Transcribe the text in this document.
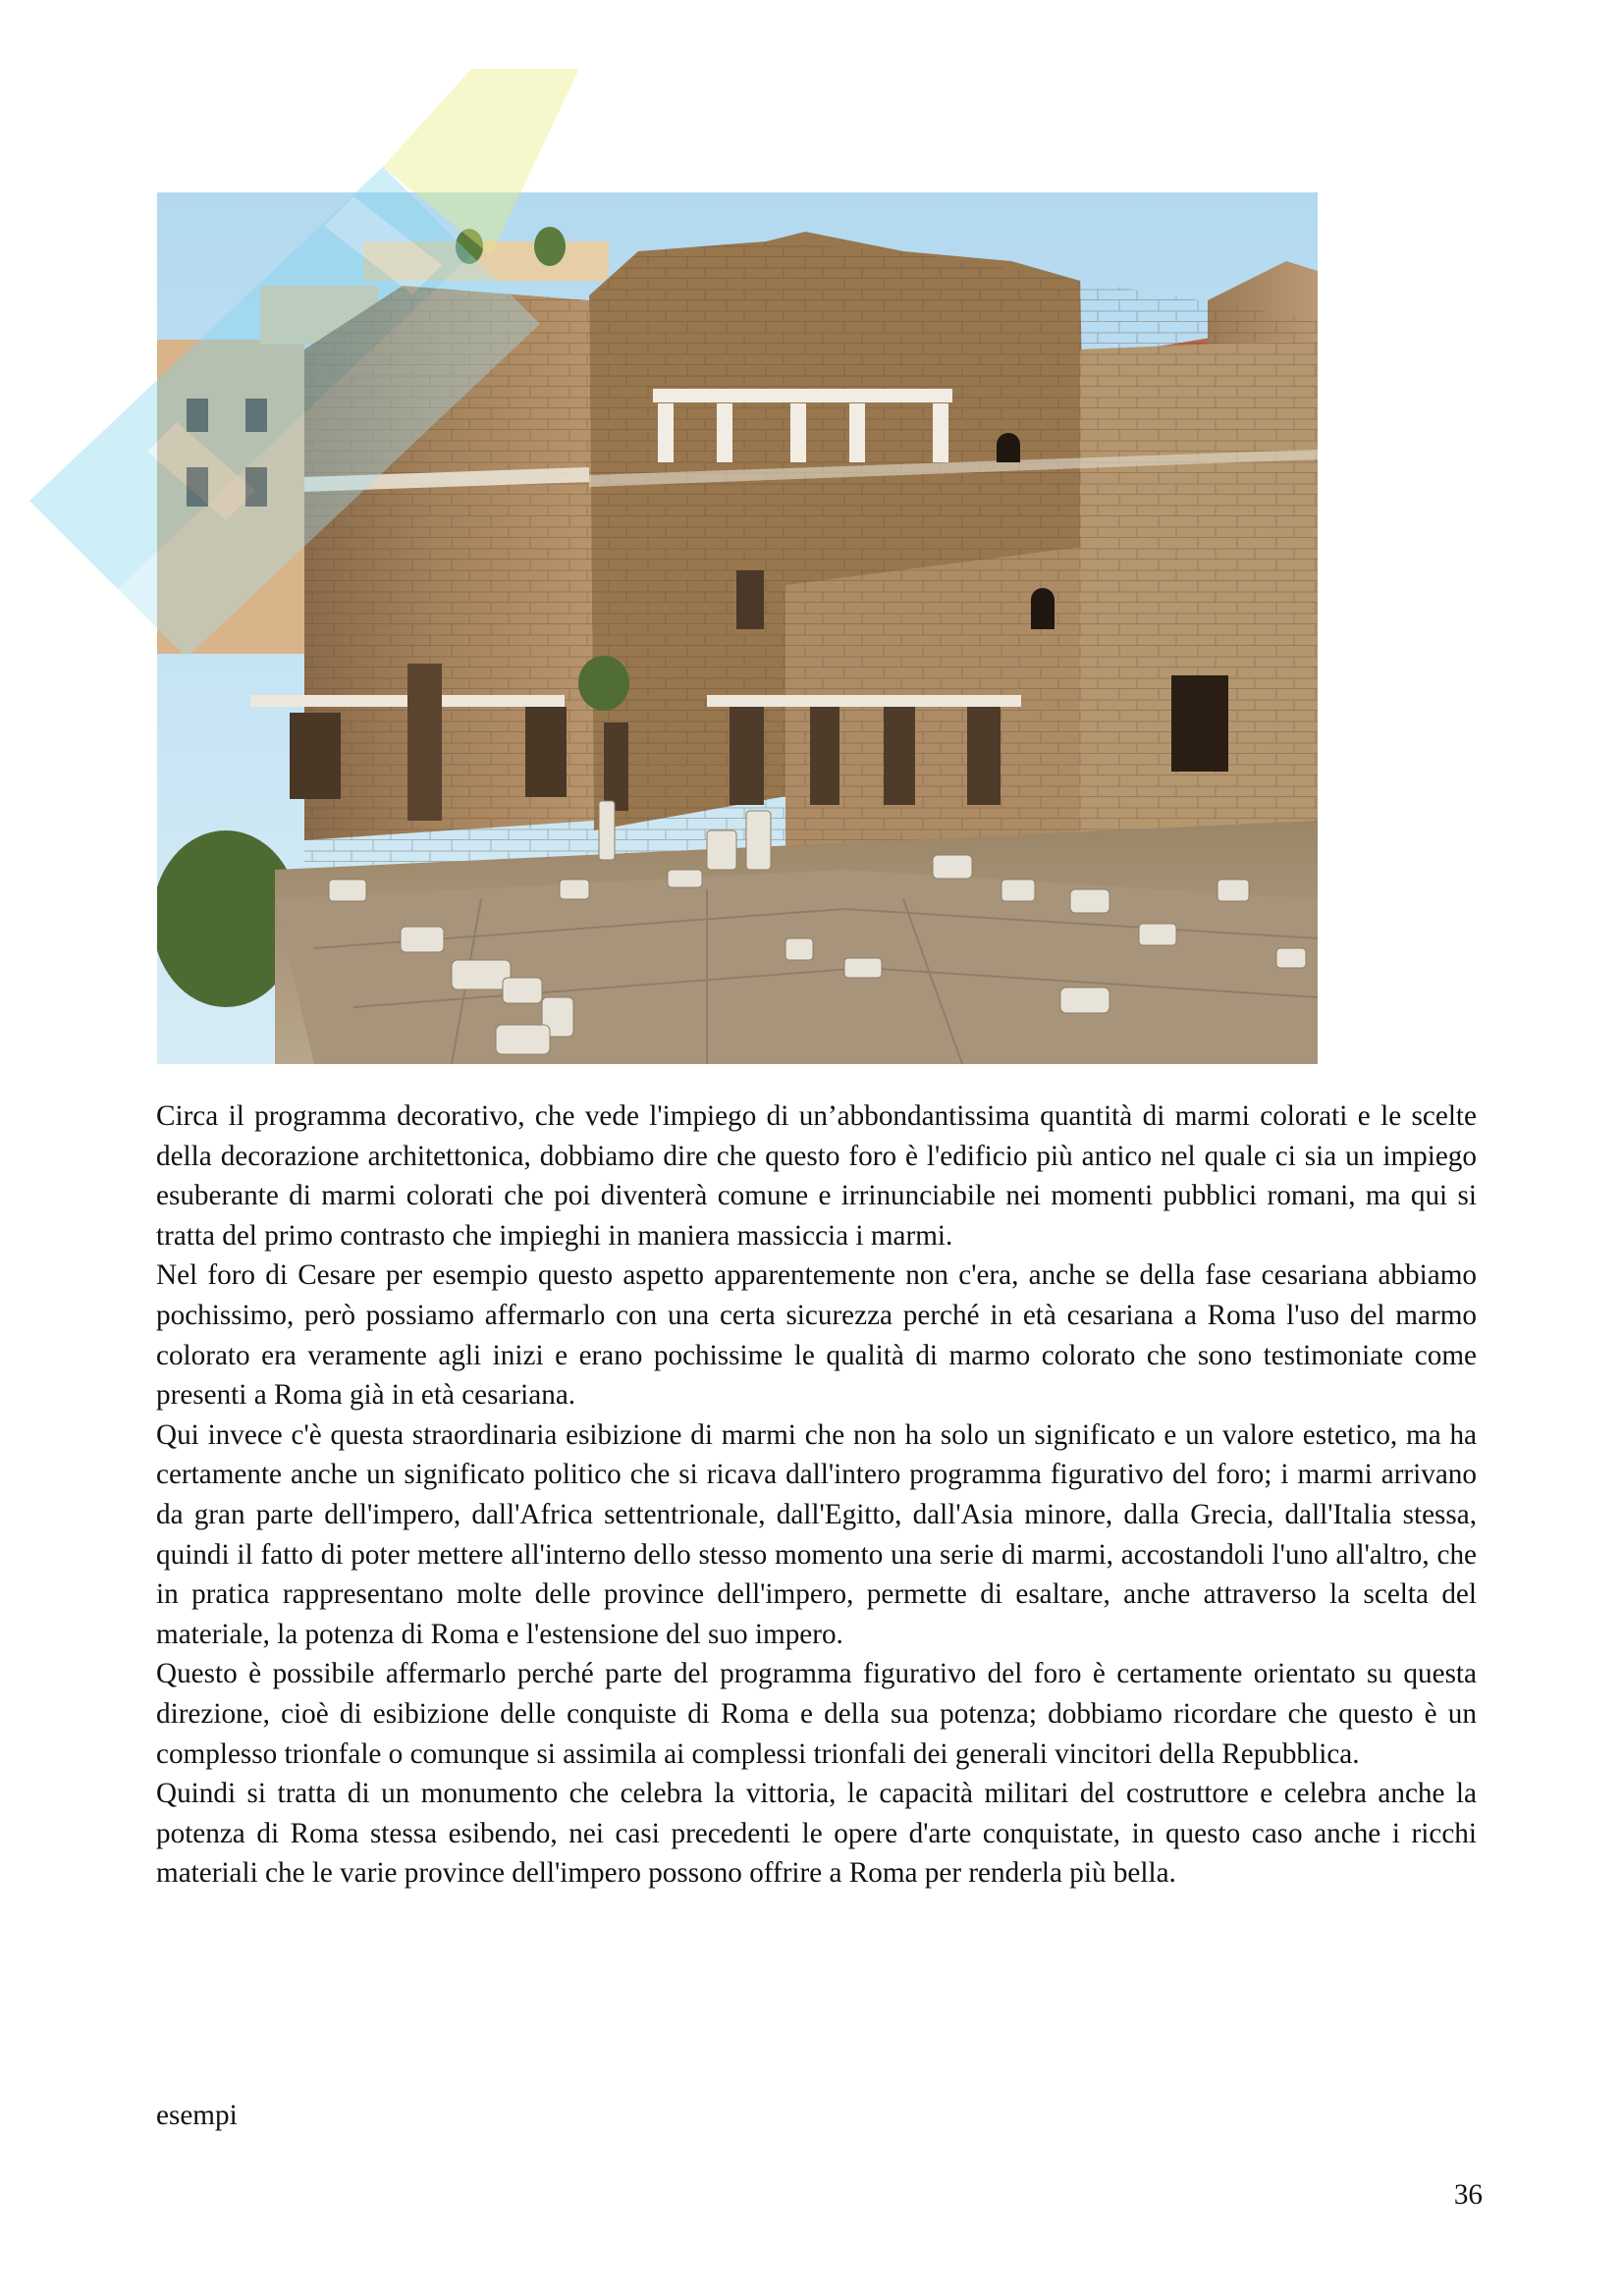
Circa il programma decorativo, che vede l'impiego di un’abbondantissima quantità di marmi colorati e le scelte della decorazione architettonica, dobbiamo dire che questo foro è l'edificio più antico nel quale ci sia un impiego esuberante di marmi colorati che poi diventerà comune e irrinunciabile nei momenti pubblici romani, ma qui si tratta del primo contrasto che impieghi in maniera massiccia i marmi.

Nel foro di Cesare per esempio questo aspetto apparentemente non c'era, anche se della fase cesariana abbiamo pochissimo, però possiamo affermarlo con una certa sicurezza perché in età cesariana a Roma l'uso del marmo colorato era veramente agli inizi e erano pochissime le qualità di marmo colorato che sono testimoniate come presenti a Roma già in età cesariana.

Qui invece c'è questa straordinaria esibizione di marmi che non ha solo un significato e un valore estetico, ma ha certamente anche un significato politico che si ricava dall'intero programma figurativo del foro; i marmi arrivano da gran parte dell'impero, dall'Africa settentrionale, dall'Egitto, dall'Asia minore, dalla Grecia, dall'Italia stessa, quindi il fatto di poter mettere all'interno dello stesso momento una serie di marmi, accostandoli l'uno all'altro, che in pratica rappresentano molte delle province dell'impero, permette di esaltare, anche attraverso la scelta del materiale, la potenza di Roma e l'estensione del suo impero.

Questo è possibile affermarlo perché parte del programma figurativo del foro è certamente orientato su questa direzione, cioè di esibizione delle conquiste di Roma e della sua potenza; dobbiamo ricordare che questo è un complesso trionfale o comunque si assimila ai complessi trionfali dei generali vincitori della Repubblica.

Quindi si tratta di un monumento che celebra la vittoria, le capacità militari del costruttore e celebra anche la potenza di Roma stessa esibendo, nei casi precedenti le opere d'arte conquistate, in questo caso anche i ricchi materiali che le varie province dell'impero possono offrire a Roma per renderla più bella.

esempi
36
